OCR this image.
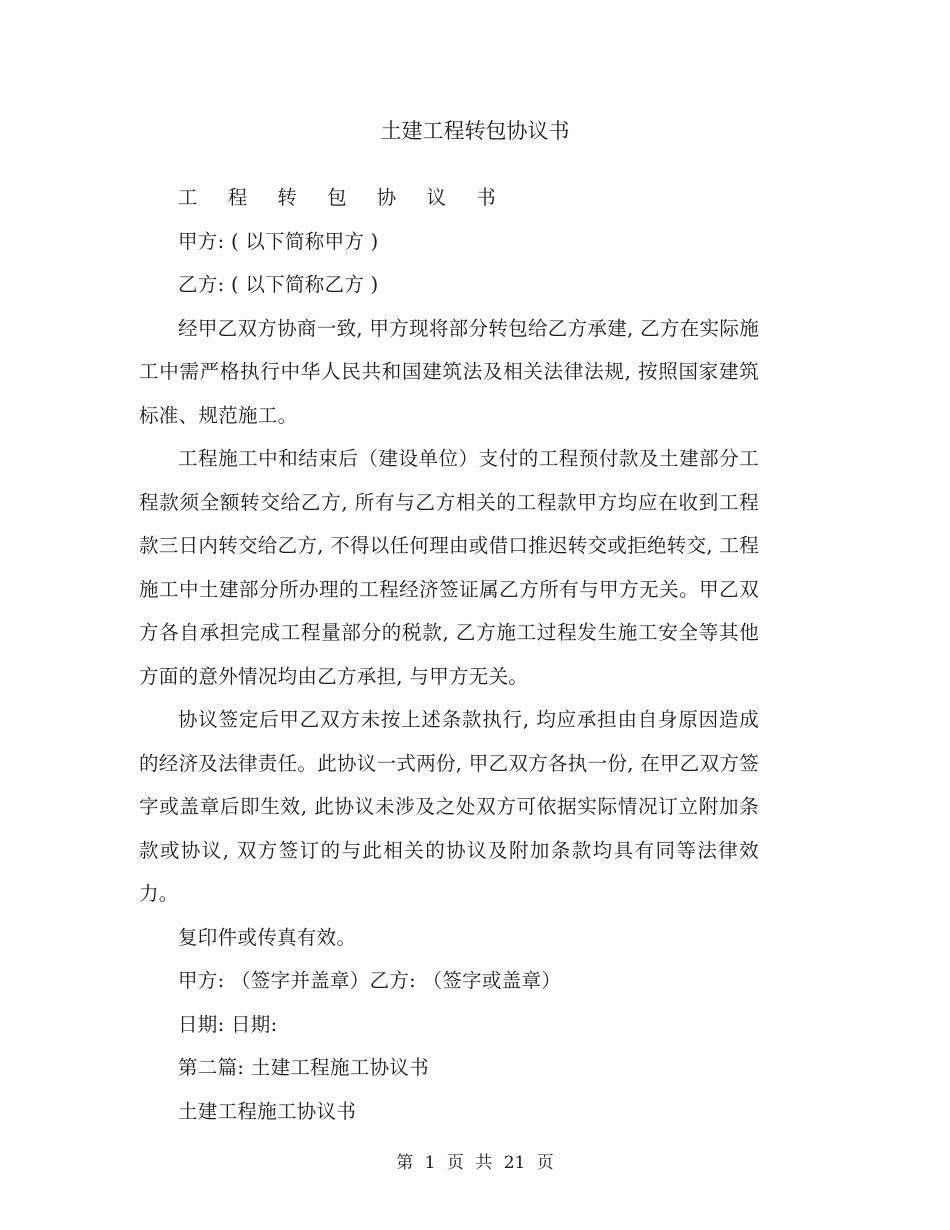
土建工程转包协议书

工 程 转 包 协 议 书

甲方: ( 以下简称甲方 )

乙方: ( 以下简称乙方 )

经甲乙双方协商一致, 甲方现将部分转包给乙方承建, 乙方在实际施工中需严格执行中华人民共和国建筑法及相关法律法规, 按照国家建筑标准、规范施工。

工程施工中和结束后（建设单位）支付的工程预付款及土建部分工程款须全额转交给乙方, 所有与乙方相关的工程款甲方均应在收到工程款三日内转交给乙方, 不得以任何理由或借口推迟转交或拒绝转交, 工程施工中土建部分所办理的工程经济签证属乙方所有与甲方无关。甲乙双方各自承担完成工程量部分的税款, 乙方施工过程发生施工安全等其他方面的意外情况均由乙方承担, 与甲方无关。

协议签定后甲乙双方未按上述条款执行, 均应承担由自身原因造成的经济及法律责任。此协议一式两份, 甲乙双方各执一份, 在甲乙双方签字或盖章后即生效, 此协议未涉及之处双方可依据实际情况订立附加条款或协议, 双方签订的与此相关的协议及附加条款均具有同等法律效力。

复印件或传真有效。

甲方: （签字并盖章）乙方: （签字或盖章）

日期: 日期:

第二篇: 土建工程施工协议书

土建工程施工协议书

第 1 页 共 21 页
